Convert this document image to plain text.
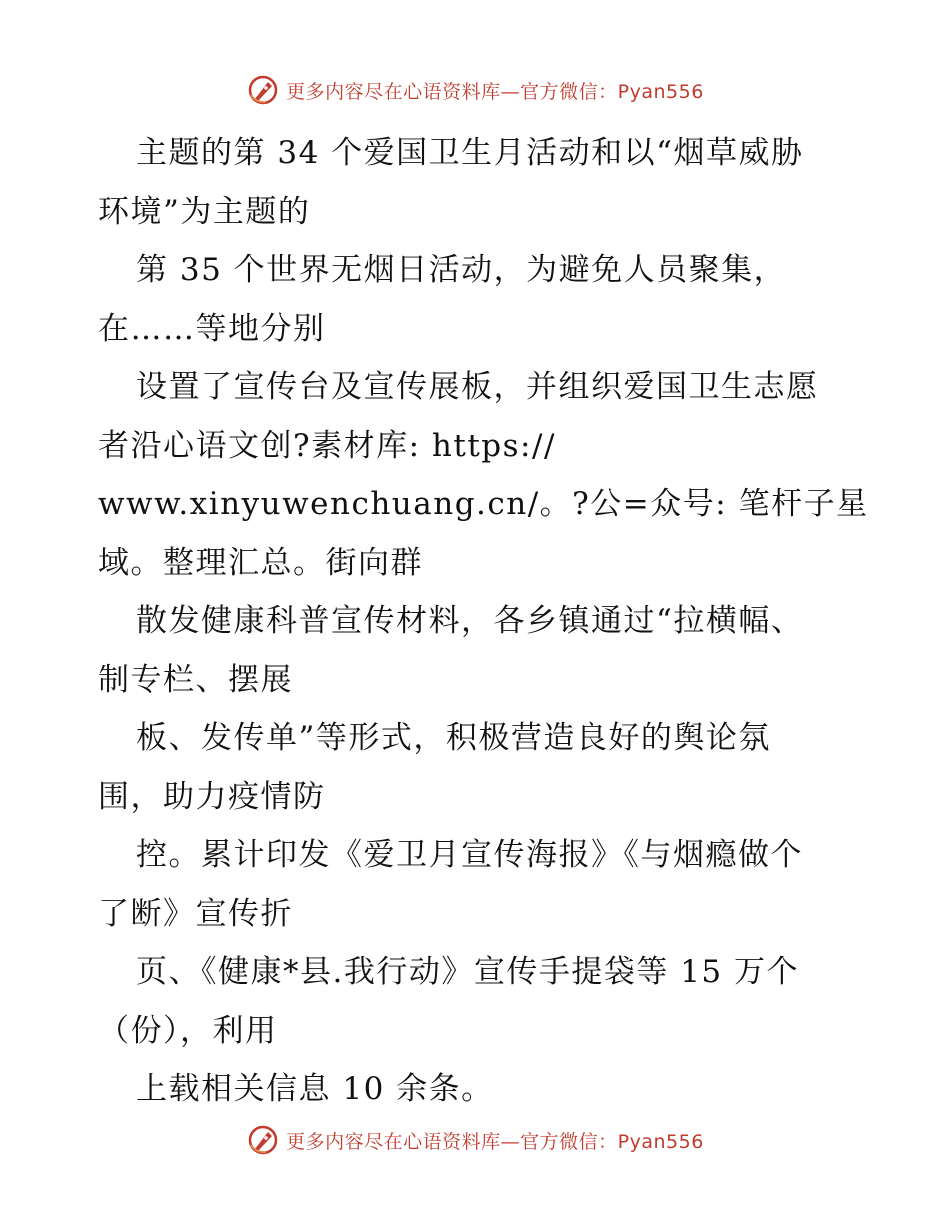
更多内容尽在心语资料库—官方微信：Pyan556
主题的第 34 个爱国卫生月活动和以“烟草威胁
环境”为主题的
第 35 个世界无烟日活动，为避免人员聚集，
在……等地分别
设置了宣传台及宣传展板，并组织爱国卫生志愿
者沿心语文创?素材库: https://
www.xinyuwenchuang.cn/。?公=众号: 笔杆子星
域。整理汇总。街向群
散发健康科普宣传材料，各乡镇通过“拉横幅、
制专栏、摆展
板、发传单”等形式，积极营造良好的舆论氛
围，助力疫情防
控。累计印发《爱卫月宣传海报》《与烟瘾做个
了断》宣传折
页、《健康*县.我行动》宣传手提袋等 15 万个
（份），利用
上载相关信息 10 余条。
更多内容尽在心语资料库—官方微信：Pyan556
